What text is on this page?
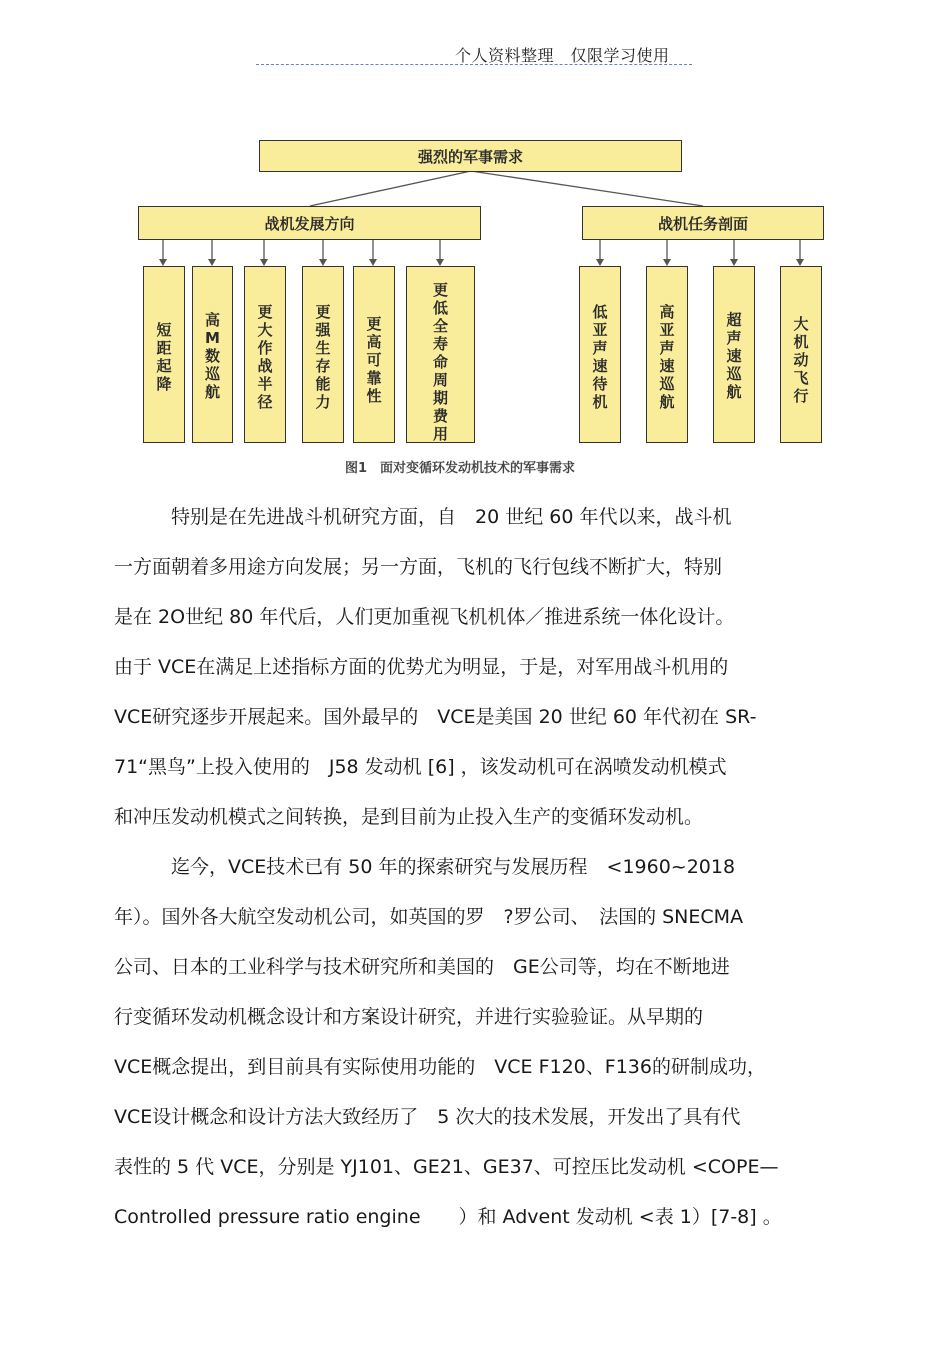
个人资料整理　仅限学习使用
强烈的军事需求
战机发展方向	战机任务剖面
短距起降
高M数巡航
更大作战半径
更强生存能力
更高可靠性
更低全寿命周期费用
低亚声速待机
高亚声速巡航
超声速巡航
大机动飞行
图1　面对变循环发动机技术的军事需求
　　　特别是在先进战斗机研究方面，自　20 世纪 60 年代以来，战斗机
一方面朝着多用途方向发展；另一方面，飞机的飞行包线不断扩大，特别
是在 2O世纪 80 年代后，人们更加重视飞机机体／推进系统一体化设计。
由于 VCE在满足上述指标方面的优势尤为明显，于是，对军用战斗机用的
VCE研究逐步开展起来。国外最早的　VCE是美国 20 世纪 60 年代初在 SR-
71“黑鸟”上投入使用的　J58 发动机 [6] ，该发动机可在涡喷发动机模式
和冲压发动机模式之间转换，是到目前为止投入生产的变循环发动机。
　　　迄今，VCE技术已有 50 年的探索研究与发展历程　<1960~2018
年）。国外各大航空发动机公司，如英国的罗　?罗公司、　法国的 SNECMA
公司、日本的工业科学与技术研究所和美国的　GE公司等，均在不断地进
行变循环发动机概念设计和方案设计研究，并进行实验验证。从早期的
VCE概念提出，到目前具有实际使用功能的　VCE F120、F136的研制成功，
VCE设计概念和设计方法大致经历了　5 次大的技术发展，开发出了具有代
表性的 5 代 VCE，分别是 YJ101、GE21、GE37、可控压比发动机 <COPE—
Controlled pressure ratio engine　　）和 Advent 发动机 <表 1）[7-8] 。
